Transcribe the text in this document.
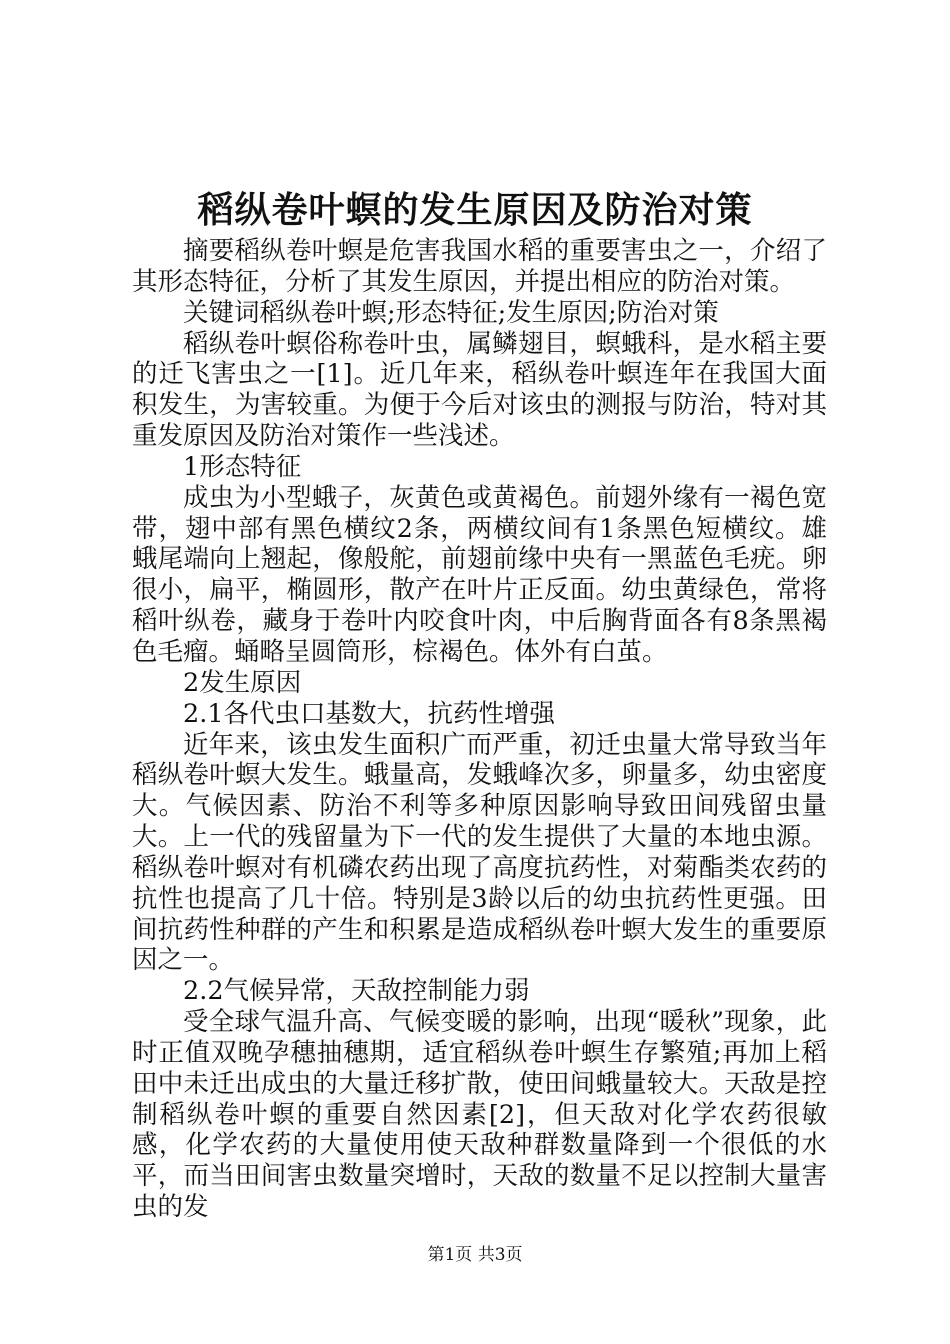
稻纵卷叶螟的发生原因及防治对策

摘要稻纵卷叶螟是危害我国水稻的重要害虫之一，介绍了其形态特征，分析了其发生原因，并提出相应的防治对策。

关键词稻纵卷叶螟;形态特征;发生原因;防治对策

稻纵卷叶螟俗称卷叶虫，属鳞翅目，螟蛾科，是水稻主要的迁飞害虫之一[1]。近几年来，稻纵卷叶螟连年在我国大面积发生，为害较重。为便于今后对该虫的测报与防治，特对其重发原因及防治对策作一些浅述。

1形态特征

成虫为小型蛾子，灰黄色或黄褐色。前翅外缘有一褐色宽带，翅中部有黑色横纹2条，两横纹间有1条黑色短横纹。雄蛾尾端向上翘起，像般舵，前翅前缘中央有一黑蓝色毛疣。卵很小，扁平，椭圆形，散产在叶片正反面。幼虫黄绿色，常将稻叶纵卷，藏身于卷叶内咬食叶肉，中后胸背面各有8条黑褐色毛瘤。蛹略呈圆筒形，棕褐色。体外有白茧。

2发生原因

2.1各代虫口基数大，抗药性增强

近年来，该虫发生面积广而严重，初迁虫量大常导致当年稻纵卷叶螟大发生。蛾量高，发蛾峰次多，卵量多，幼虫密度大。气候因素、防治不利等多种原因影响导致田间残留虫量大。上一代的残留量为下一代的发生提供了大量的本地虫源。稻纵卷叶螟对有机磷农药出现了高度抗药性，对菊酯类农药的抗性也提高了几十倍。特别是3龄以后的幼虫抗药性更强。田间抗药性种群的产生和积累是造成稻纵卷叶螟大发生的重要原因之一。

2.2气候异常，天敌控制能力弱

受全球气温升高、气候变暖的影响，出现“暖秋”现象，此时正值双晚孕穗抽穗期，适宜稻纵卷叶螟生存繁殖;再加上稻田中未迁出成虫的大量迁移扩散，使田间蛾量较大。天敌是控制稻纵卷叶螟的重要自然因素[2]，但天敌对化学农药很敏感，化学农药的大量使用使天敌种群数量降到一个很低的水平，而当田间害虫数量突增时，天敌的数量不足以控制大量害虫的发

第1页 共3页
